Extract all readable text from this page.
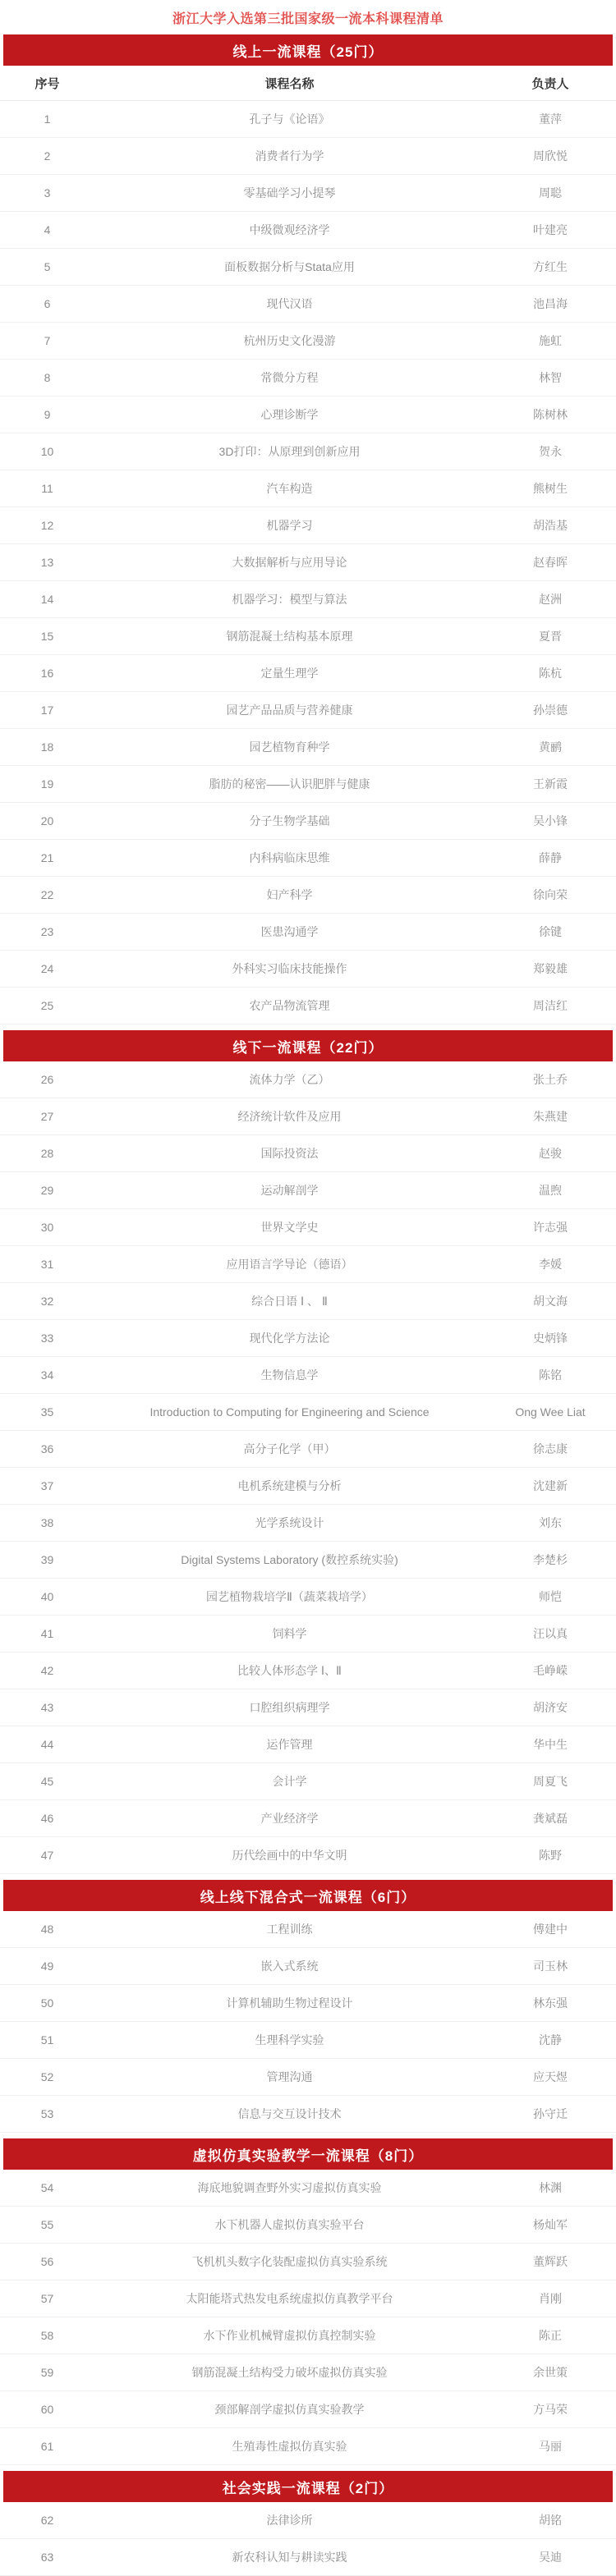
浙江大学入选第三批国家级一流本科课程清单
线上一流课程（25门）
序号	课程名称	负责人
1	孔子与《论语》	董萍
2	消费者行为学	周欣悦
3	零基础学习小提琴	周聪
4	中级微观经济学	叶建亮
5	面板数据分析与Stata应用	方红生
6	现代汉语	池昌海
7	杭州历史文化漫游	施虹
8	常微分方程	林智
9	心理诊断学	陈树林
10	3D打印：从原理到创新应用	贺永
11	汽车构造	熊树生
12	机器学习	胡浩基
13	大数据解析与应用导论	赵春晖
14	机器学习：模型与算法	赵洲
15	钢筋混凝土结构基本原理	夏晋
16	定量生理学	陈杭
17	园艺产品品质与营养健康	孙崇德
18	园艺植物育种学	黄鹂
19	脂肪的秘密——认识肥胖与健康	王新霞
20	分子生物学基础	吴小锋
21	内科病临床思维	薛静
22	妇产科学	徐向荣
23	医患沟通学	徐键
24	外科实习临床技能操作	郑毅雄
25	农产品物流管理	周洁红
线下一流课程（22门）
26	流体力学（乙）	张土乔
27	经济统计软件及应用	朱燕建
28	国际投资法	赵骏
29	运动解剖学	温煦
30	世界文学史	许志强
31	应用语言学导论（德语）	李媛
32	综合日语 Ⅰ 、 Ⅱ	胡文海
33	现代化学方法论	史炳锋
34	生物信息学	陈铭
35	Introduction to Computing for Engineering and Science	Ong Wee Liat
36	高分子化学（甲）	徐志康
37	电机系统建模与分析	沈建新
38	光学系统设计	刘东
39	Digital Systems Laboratory (数控系统实验)	李楚杉
40	园艺植物栽培学Ⅱ（蔬菜栽培学）	师恺
41	饲料学	汪以真
42	比较人体形态学 Ⅰ、Ⅱ	毛峥嵘
43	口腔组织病理学	胡济安
44	运作管理	华中生
45	会计学	周夏飞
46	产业经济学	龚斌磊
47	历代绘画中的中华文明	陈野
线上线下混合式一流课程（6门）
48	工程训练	傅建中
49	嵌入式系统	司玉林
50	计算机辅助生物过程设计	林东强
51	生理科学实验	沈静
52	管理沟通	应天煜
53	信息与交互设计技术	孙守迁
虚拟仿真实验教学一流课程（8门）
54	海底地貌调查野外实习虚拟仿真实验	林渊
55	水下机器人虚拟仿真实验平台	杨灿军
56	飞机机头数字化装配虚拟仿真实验系统	董辉跃
57	太阳能塔式热发电系统虚拟仿真教学平台	肖刚
58	水下作业机械臂虚拟仿真控制实验	陈正
59	钢筋混凝土结构受力破坏虚拟仿真实验	余世策
60	颈部解剖学虚拟仿真实验教学	方马荣
61	生殖毒性虚拟仿真实验	马丽
社会实践一流课程（2门）
62	法律诊所	胡铭
63	新农科认知与耕读实践	吴迪
